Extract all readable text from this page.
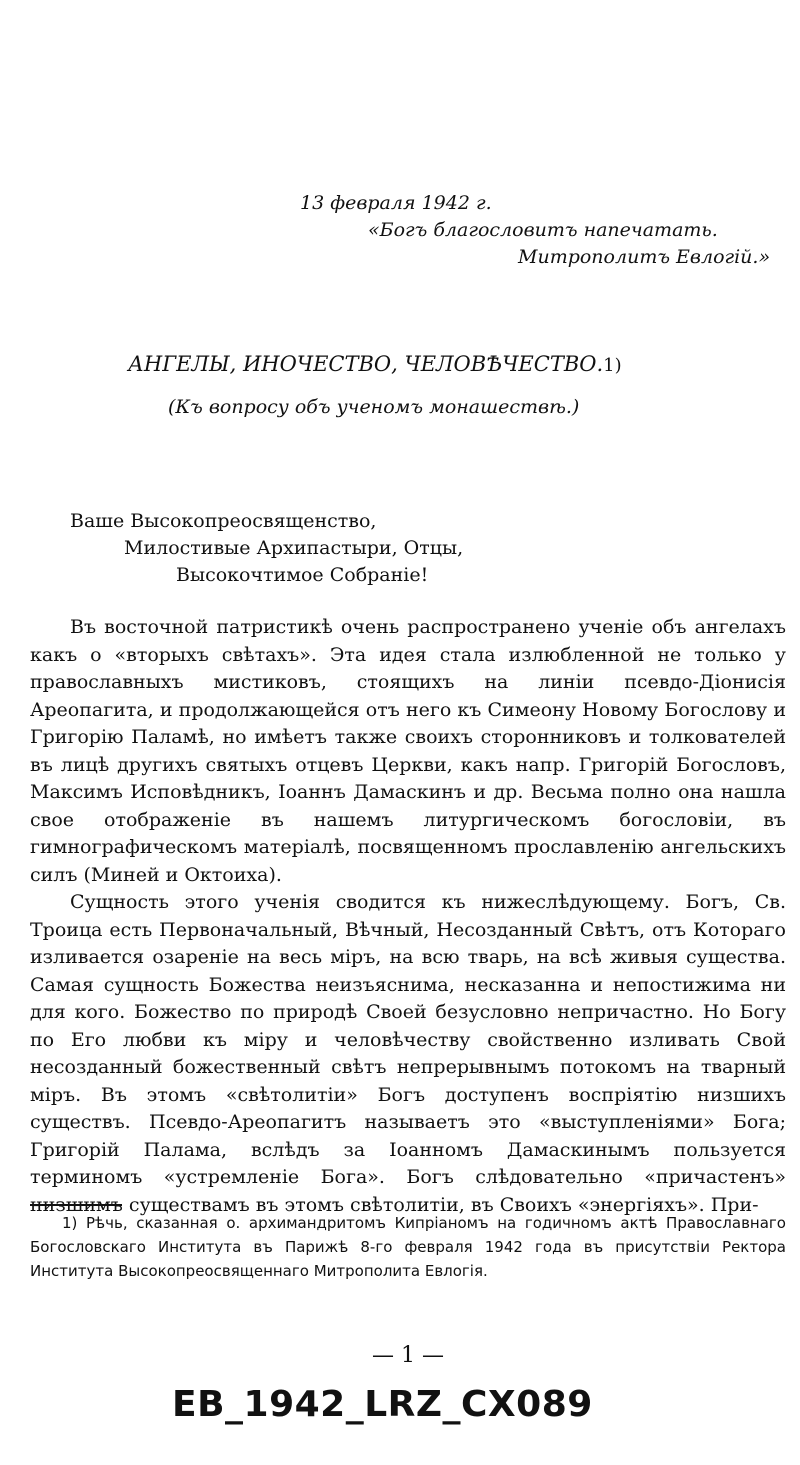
13 февраля 1942 г.
«Богъ благословитъ напечатать.
Митрополитъ Евлогій.»
АНГЕЛЫ, ИНОЧЕСТВО, ЧЕЛОВѢЧЕСТВО.1)
(Къ вопросу объ ученомъ монашествѣ.)
Ваше Высокопреосвященство,
Милостивые Архипастыри, Отцы,
Высокочтимое Собраніе!

Въ восточной патристикѣ очень распространено ученіе объ ангелахъ какъ о «вторыхъ свѣтахъ». Эта идея стала излюбленной не только у православныхъ мистиковъ, стоящихъ на линіи псевдо-Діонисія Ареопагита, и продолжающейся отъ него къ Симеону Новому Богослову и Григорію Паламѣ, но имѣетъ также своихъ сторонниковъ и толкователей въ лицѣ другихъ святыхъ отцевъ Церкви, какъ напр. Григорій Богословъ, Максимъ Исповѣдникъ, Іоаннъ Дамаскинъ и др. Весьма полно она нашла свое отображеніе въ нашемъ литургическомъ богословіи, въ гимнографическомъ матеріалѣ, посвященномъ прославленію ангельскихъ силъ (Миней и Октоиха).

Сущность этого ученія сводится къ нижеслѣдующему. Богъ, Св. Троица есть Первоначальный, Вѣчный, Несозданный Свѣтъ, отъ Котораго изливается озареніе на весь міръ, на всю тварь, на всѣ живыя существа. Самая сущность Божества неизъяснима, несказанна и непостижима ни для кого. Божество по природѣ Своей безусловно непричастно. Но Богу по Его любви къ міру и человѣчеству свойственно изливать Свой несозданный божественный свѣтъ непрерывнымъ потокомъ на тварный міръ. Въ этомъ «свѣтолитіи» Богъ доступенъ воспріятію низшихъ существъ. Псевдо-Ареопагитъ называетъ это «выступленіями» Бога; Григорій Палама, вслѣдъ за Іоанномъ Дамаскинымъ пользуется терминомъ «устремленіе Бога». Богъ слѣдовательно «причастенъ» низшимъ существамъ въ этомъ свѣтолитіи, въ Своихъ «энергіяхъ». При-

1) Рѣчь, сказанная о. архимандритомъ Кипріаномъ на годичномъ актѣ Православнаго Богословскаго Института въ Парижѣ 8-го февраля 1942 года въ присутствіи Ректора Института Высокопреосвященнаго Митрополита Евлогія.

— 1 —
EB_1942_LRZ_CX089
